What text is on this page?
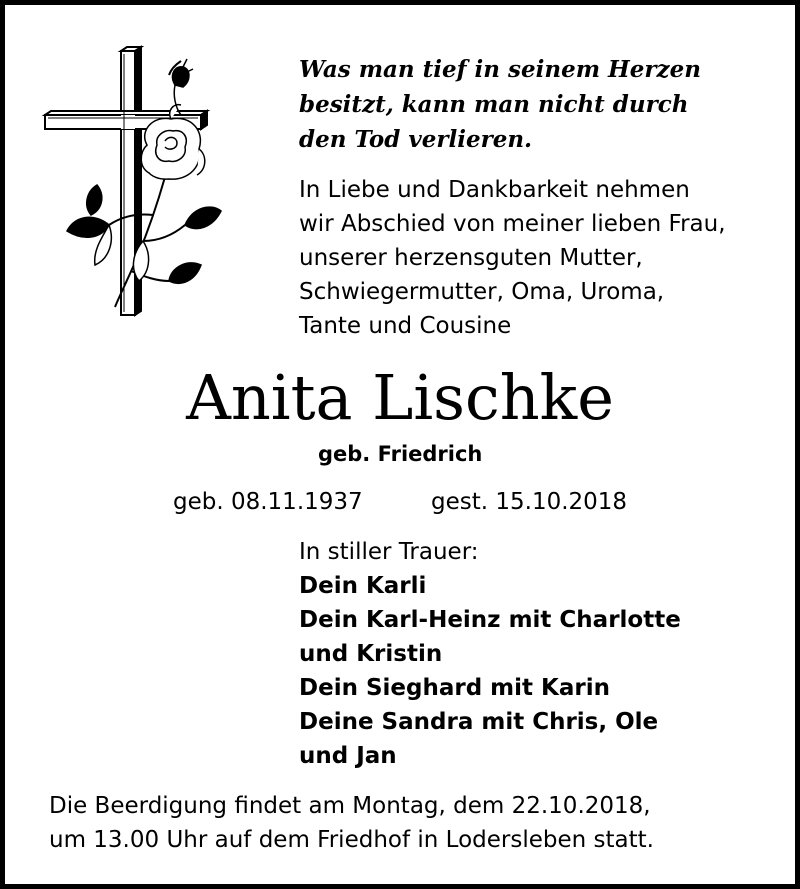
Was man tief in seinem Herzen
besitzt, kann man nicht durch
den Tod verlieren.
In Liebe und Dankbarkeit nehmen
wir Abschied von meiner lieben Frau,
unserer herzensguten Mutter,
Schwiegermutter, Oma, Uroma,
Tante und Cousine
Anita Lischke
geb. Friedrich
geb. 08.11.1937	gest. 15.10.2018
In stiller Trauer:
Dein Karli
Dein Karl-Heinz mit Charlotte
und Kristin
Dein Sieghard mit Karin
Deine Sandra mit Chris, Ole
und Jan
Die Beerdigung findet am Montag, dem 22.10.2018,
um 13.00 Uhr auf dem Friedhof in Lodersleben statt.
